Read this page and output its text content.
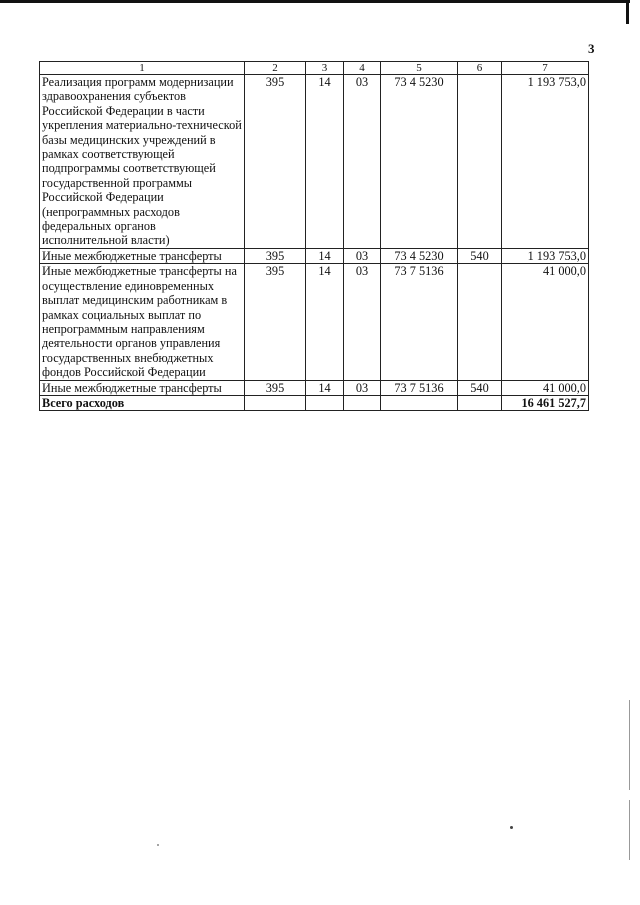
3
1	2	3	4	5	6	7
Реализация программ модернизации здравоохранения субъектов Российской Федерации в части укрепления материально-технической базы медицинских учреждений в рамках соответствующей подпрограммы соответствующей государственной программы Российской Федерации (непрограммных расходов федеральных органов исполнительной власти)	395	14	03	73 4 5230		1 193 753,0
Иные межбюджетные трансферты	395	14	03	73 4 5230	540	1 193 753,0
Иные межбюджетные трансферты на осуществление единовременных выплат медицинским работникам в рамках социальных выплат по непрограммным направлениям деятельности органов управления государственных внебюджетных фондов Российской Федерации	395	14	03	73 7 5136		41 000,0
Иные межбюджетные трансферты	395	14	03	73 7 5136	540	41 000,0
Всего расходов						16 461 527,7
